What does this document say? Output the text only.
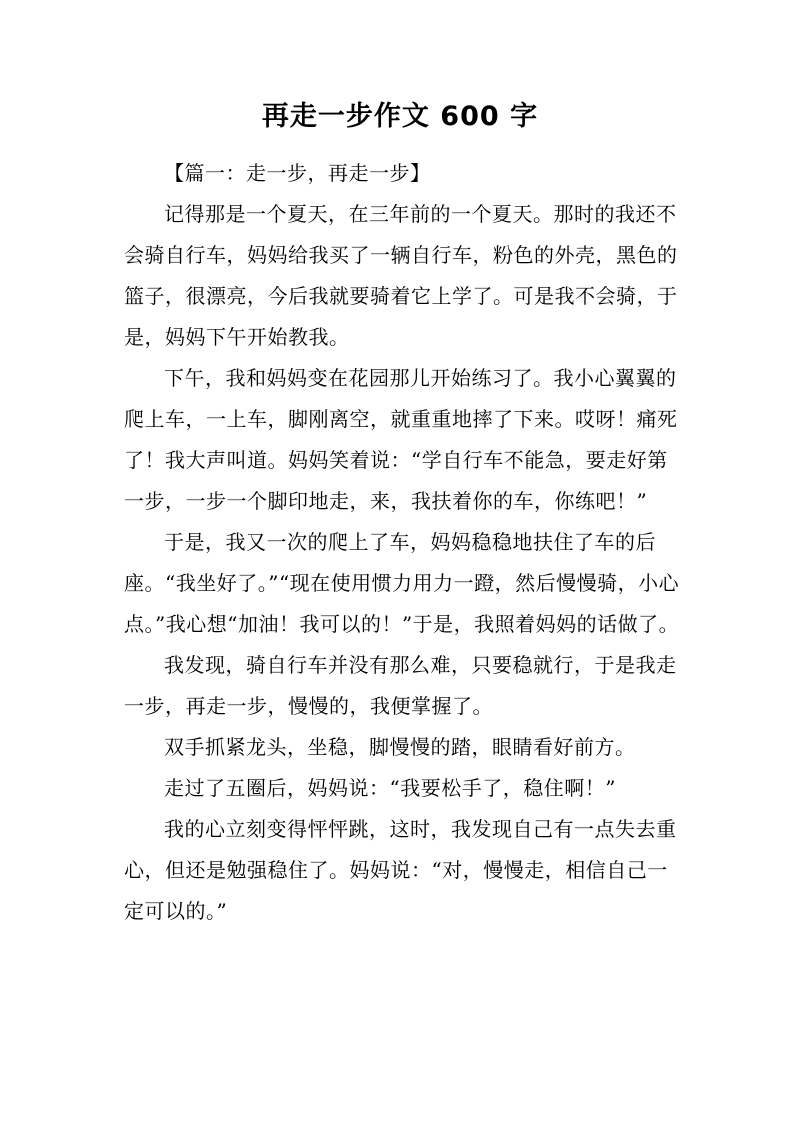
再走一步作文 600 字

【篇一：走一步，再走一步】

记得那是一个夏天，在三年前的一个夏天。那时的我还不会骑自行车，妈妈给我买了一辆自行车，粉色的外壳，黑色的篮子，很漂亮，今后我就要骑着它上学了。可是我不会骑，于是，妈妈下午开始教我。

下午，我和妈妈变在花园那儿开始练习了。我小心翼翼的爬上车，一上车，脚刚离空，就重重地摔了下来。哎呀！痛死了！我大声叫道。妈妈笑着说：“学自行车不能急，要走好第一步，一步一个脚印地走，来，我扶着你的车，你练吧！”

于是，我又一次的爬上了车，妈妈稳稳地扶住了车的后座。“我坐好了。”“现在使用惯力用力一蹬，然后慢慢骑，小心点。”我心想“加油！我可以的！”于是，我照着妈妈的话做了。

我发现，骑自行车并没有那么难，只要稳就行，于是我走一步，再走一步，慢慢的，我便掌握了。

双手抓紧龙头，坐稳，脚慢慢的踏，眼睛看好前方。

走过了五圈后，妈妈说：“我要松手了，稳住啊！”

我的心立刻变得怦怦跳，这时，我发现自己有一点失去重心，但还是勉强稳住了。妈妈说：“对，慢慢走，相信自己一定可以的。”
